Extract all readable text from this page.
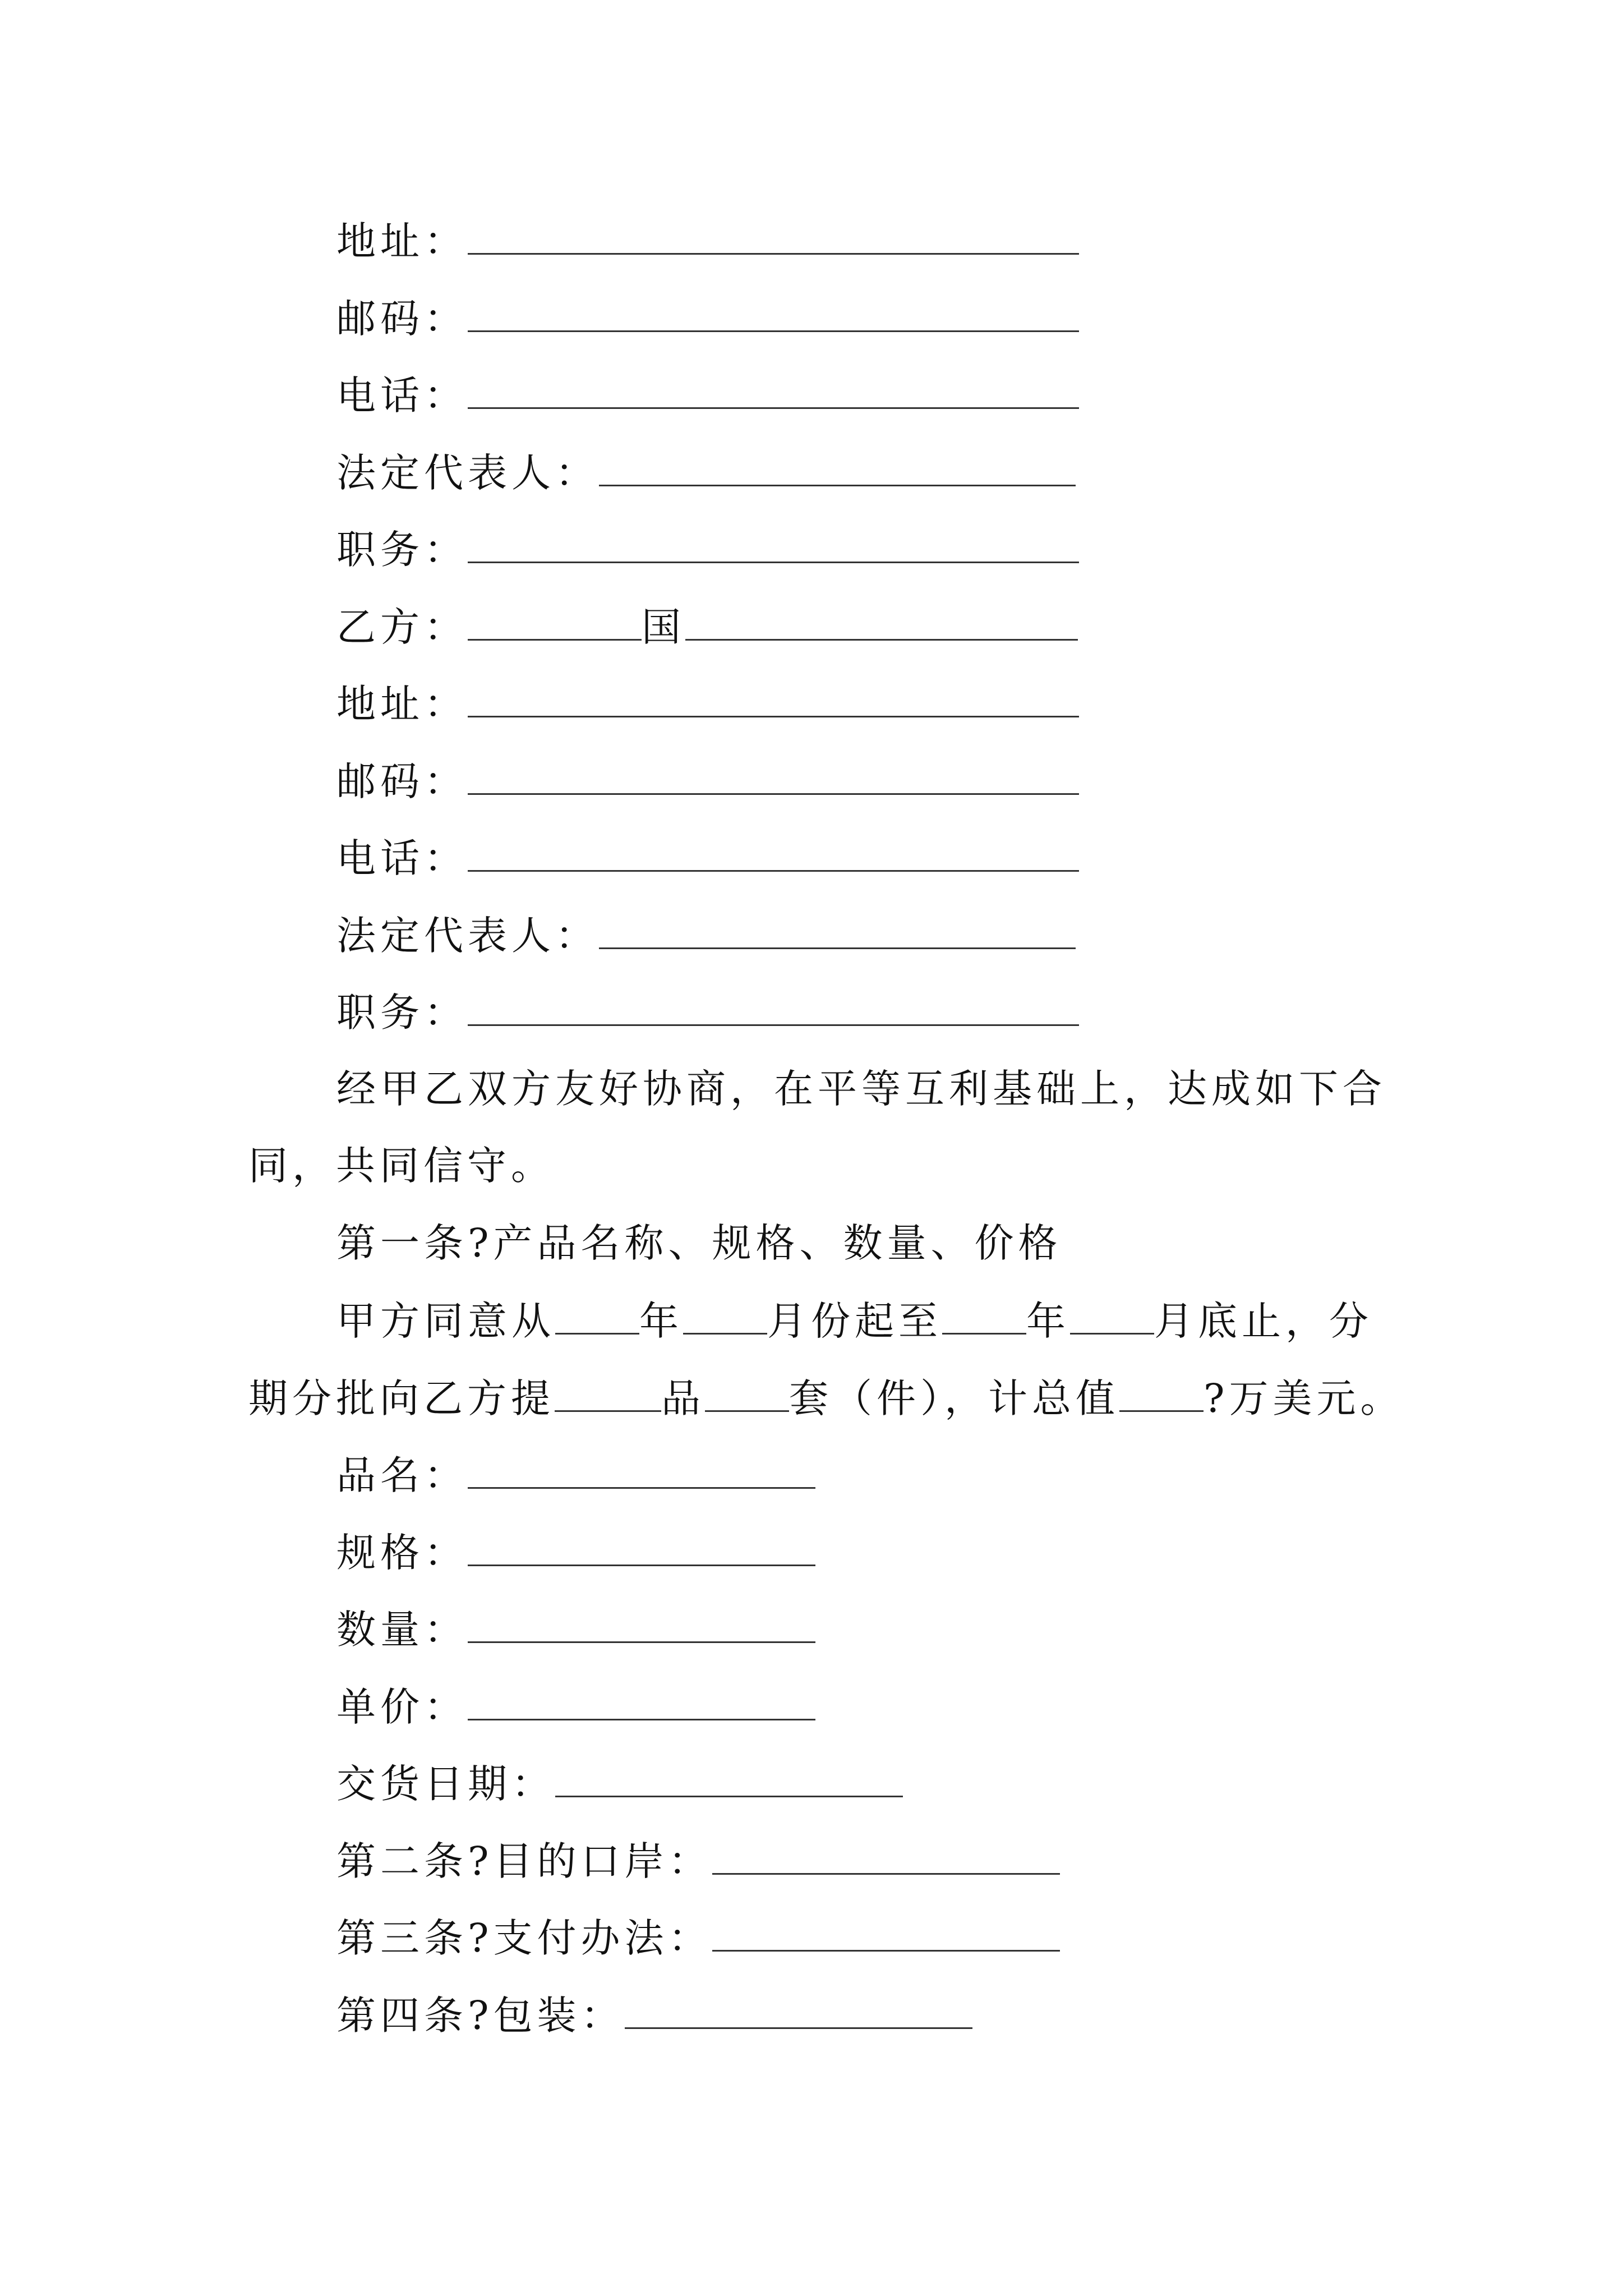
地址：
邮码：
电话：
法定代表人：
职务：
乙方：	国
地址：
邮码：
电话：
法定代表人：
职务：
经甲乙双方友好协商，在平等互利基础上，达成如下合
同，共同信守。
第一条?产品名称、规格、数量、价格
甲方同意从 年 月份起至 年 月底止，分
期分批向乙方提	品 套（件），计总值 ?万美元。
品名：
规格：
数量：
单价：
交货日期：
第二条?目的口岸：
第三条?支付办法：
第四条?包装：
